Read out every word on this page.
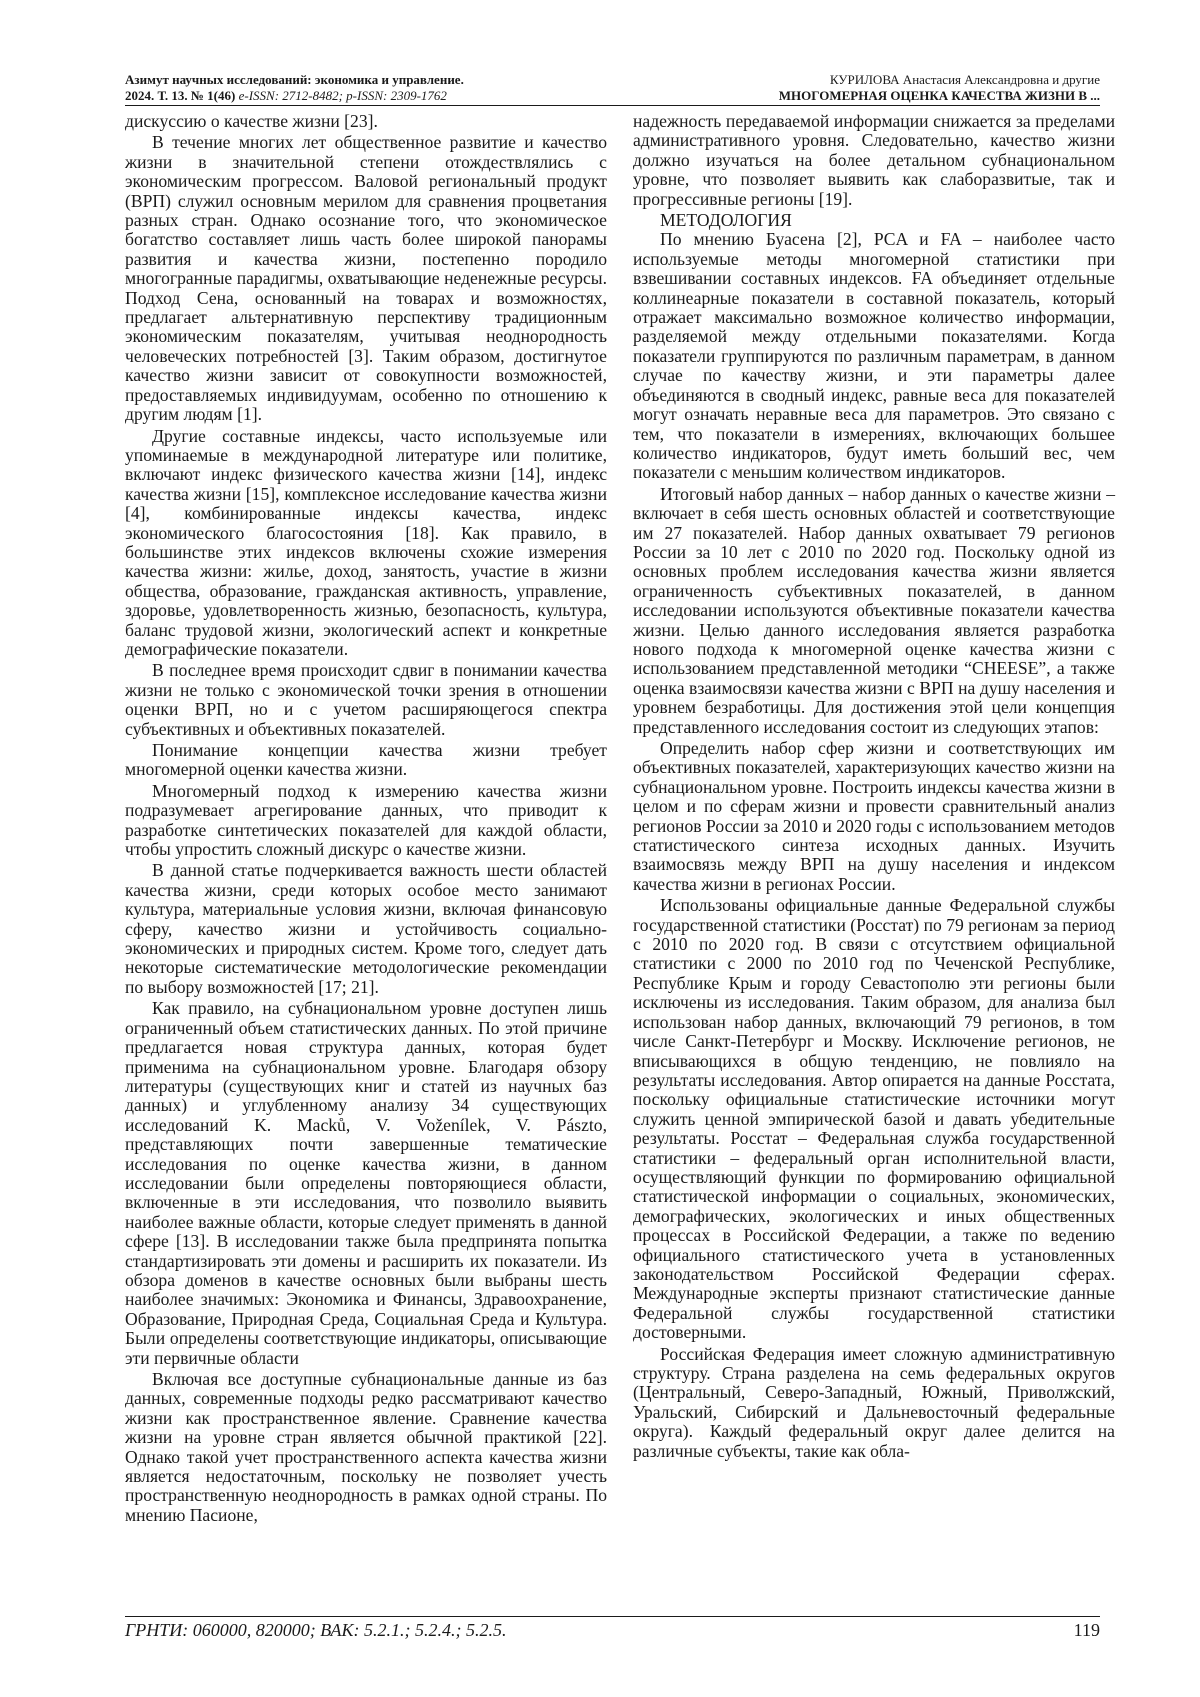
Азимут научных исследований: экономика и управление.
2024. Т. 13. № 1(46) e-ISSN: 2712-8482; p-ISSN: 2309-1762
КУРИЛОВА Анастасия Александровна и другие
МНОГОМЕРНАЯ ОЦЕНКА КАЧЕСТВА ЖИЗНИ В ...

дискуссию о качестве жизни [23].

В течение многих лет общественное развитие и качество жизни в значительной степени отождествлялись с экономическим прогрессом. Валовой региональный продукт (ВРП) служил основным мерилом для сравнения процветания разных стран. Однако осознание того, что экономическое богатство составляет лишь часть более широкой панорамы развития и качества жизни, постепенно породило многогранные парадигмы, охватывающие неденежные ресурсы. Подход Сена, основанный на товарах и возможностях, предлагает альтернативную перспективу традиционным экономическим показателям, учитывая неоднородность человеческих потребностей [3]. Таким образом, достигнутое качество жизни зависит от совокупности возможностей, предоставляемых индивидуумам, особенно по отношению к другим людям [1].

Другие составные индексы, часто используемые или упоминаемые в международной литературе или политике, включают индекс физического качества жизни [14], индекс качества жизни [15], комплексное исследование качества жизни [4], комбинированные индексы качества, индекс экономического благосостояния [18]. Как правило, в большинстве этих индексов включены схожие измерения качества жизни: жилье, доход, занятость, участие в жизни общества, образование, гражданская активность, управление, здоровье, удовлетворенность жизнью, безопасность, культура, баланс трудовой жизни, экологический аспект и конкретные демографические показатели.

В последнее время происходит сдвиг в понимании качества жизни не только с экономической точки зрения в отношении оценки ВРП, но и с учетом расширяющегося спектра субъективных и объективных показателей.

Понимание концепции качества жизни требует многомерной оценки качества жизни.

Многомерный подход к измерению качества жизни подразумевает агрегирование данных, что приводит к разработке синтетических показателей для каждой области, чтобы упростить сложный дискурс о качестве жизни.

В данной статье подчеркивается важность шести областей качества жизни, среди которых особое место занимают культура, материальные условия жизни, включая финансовую сферу, качество жизни и устойчивость социально-экономических и природных систем. Кроме того, следует дать некоторые систематические методологические рекомендации по выбору возможностей [17; 21].

Как правило, на субнациональном уровне доступен лишь ограниченный объем статистических данных. По этой причине предлагается новая структура данных, которая будет применима на субнациональном уровне. Благодаря обзору литературы (существующих книг и статей из научных баз данных) и углубленному анализу 34 существующих исследований K. Macků, V. Voženílek, V. Pászto, представляющих почти завершенные тематические исследования по оценке качества жизни, в данном исследовании были определены повторяющиеся области, включенные в эти исследования, что позволило выявить наиболее важные области, которые следует применять в данной сфере [13]. В исследовании также была предпринята попытка стандартизировать эти домены и расширить их показатели. Из обзора доменов в качестве основных были выбраны шесть наиболее значимых: Экономика и Финансы, Здравоохранение, Образование, Природная Среда, Социальная Среда и Культура. Были определены соответствующие индикаторы, описывающие эти первичные области

Включая все доступные субнациональные данные из баз данных, современные подходы редко рассматривают качество жизни как пространственное явление. Сравнение качества жизни на уровне стран является обычной практикой [22]. Однако такой учет пространственного аспекта качества жизни является недостаточным, поскольку не позволяет учесть пространственную неоднородность в рамках одной страны. По мнению Пасионе,

надежность передаваемой информации снижается за пределами административного уровня. Следовательно, качество жизни должно изучаться на более детальном субнациональном уровне, что позволяет выявить как слаборазвитые, так и прогрессивные регионы [19].

МЕТОДОЛОГИЯ

По мнению Буасена [2], PCA и FA – наиболее часто используемые методы многомерной статистики при взвешивании составных индексов. FA объединяет отдельные коллинеарные показатели в составной показатель, который отражает максимально возможное количество информации, разделяемой между отдельными показателями. Когда показатели группируются по различным параметрам, в данном случае по качеству жизни, и эти параметры далее объединяются в сводный индекс, равные веса для показателей могут означать неравные веса для параметров. Это связано с тем, что показатели в измерениях, включающих большее количество индикаторов, будут иметь больший вес, чем показатели с меньшим количеством индикаторов.

Итоговый набор данных – набор данных о качестве жизни – включает в себя шесть основных областей и соответствующие им 27 показателей. Набор данных охватывает 79 регионов России за 10 лет с 2010 по 2020 год. Поскольку одной из основных проблем исследования качества жизни является ограниченность субъективных показателей, в данном исследовании используются объективные показатели качества жизни. Целью данного исследования является разработка нового подхода к многомерной оценке качества жизни с использованием представленной методики “CHEESE”, а также оценка взаимосвязи качества жизни с ВРП на душу населения и уровнем безработицы. Для достижения этой цели концепция представленного исследования состоит из следующих этапов:

Определить набор сфер жизни и соответствующих им объективных показателей, характеризующих качество жизни на субнациональном уровне. Построить индексы качества жизни в целом и по сферам жизни и провести сравнительный анализ регионов России за 2010 и 2020 годы с использованием методов статистического синтеза исходных данных. Изучить взаимосвязь между ВРП на душу населения и индексом качества жизни в регионах России.

Использованы официальные данные Федеральной службы государственной статистики (Росстат) по 79 регионам за период с 2010 по 2020 год. В связи с отсутствием официальной статистики с 2000 по 2010 год по Чеченской Республике, Республике Крым и городу Севастополю эти регионы были исключены из исследования. Таким образом, для анализа был использован набор данных, включающий 79 регионов, в том числе Санкт-Петербург и Москву. Исключение регионов, не вписывающихся в общую тенденцию, не повлияло на результаты исследования. Автор опирается на данные Росстата, поскольку официальные статистические источники могут служить ценной эмпирической базой и давать убедительные результаты. Росстат – Федеральная служба государственной статистики – федеральный орган исполнительной власти, осуществляющий функции по формированию официальной статистической информации о социальных, экономических, демографических, экологических и иных общественных процессах в Российской Федерации, а также по ведению официального статистического учета в установленных законодательством Российской Федерации сферах. Международные эксперты признают статистические данные Федеральной службы государственной статистики достоверными.

Российская Федерация имеет сложную административную структуру. Страна разделена на семь федеральных округов (Центральный, Северо-Западный, Южный, Приволжский, Уральский, Сибирский и Дальневосточный федеральные округа). Каждый федеральный округ далее делится на различные субъекты, такие как обла-

ГРНТИ: 060000, 820000; ВАК: 5.2.1.; 5.2.4.; 5.2.5.	119
